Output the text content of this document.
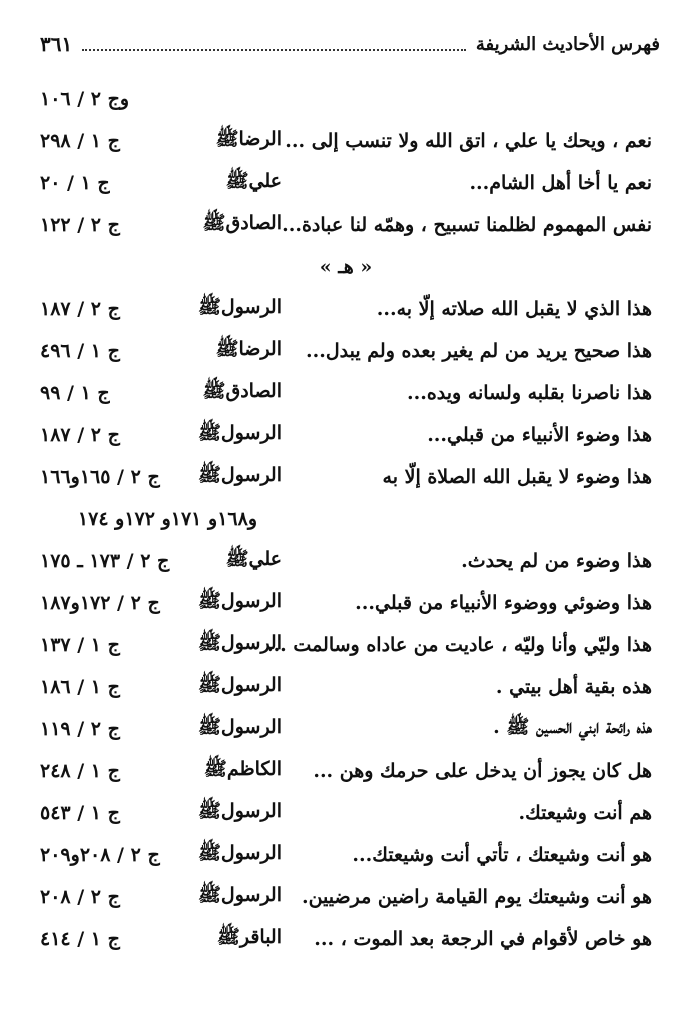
فهرس الأحاديث الشريفة
٣٦١
وج ٢ / ١٠٦
نعم ، ويحك يا علي ، اتق الله ولا تنسب إلى ...
الرضاﷺ
ج ١ / ٢٩٨
نعم يا أخا أهل الشام...
عليﷺ
ج ١ / ٢٠
نفس المهموم لظلمنا تسبيح ، وهمّه لنا عبادة...
الصادقﷺ
ج ٢ / ١٢٢
« هـ »
هذا الذي لا يقبل الله صلاته إلّا به...
الرسولﷺ
ج ٢ / ١٨٧
هذا صحيح يريد من لم يغير بعده ولم يبدل...
الرضاﷺ
ج ١ / ٤٩٦
هذا ناصرنا بقلبه ولسانه ويده...
الصادقﷺ
ج ١ / ٩٩
هذا وضوء الأنبياء من قبلي...
الرسولﷺ
ج ٢ / ١٨٧
هذا وضوء لا يقبل الله الصلاة إلّا به
الرسولﷺ
ج ٢ / ١٦٥و١٦٦
و١٦٨و ١٧١و ١٧٢و ١٧٤
هذا وضوء من لم يحدث.
عليﷺ
ج ٢ / ١٧٣ ـ ١٧٥
هذا وضوئي ووضوء الأنبياء من قبلي...
الرسولﷺ
ج ٢ / ١٧٢و١٨٧
هذا وليّي وأنا وليّه ، عاديت من عاداه وسالمت ...
الرسولﷺ
ج ١ / ١٣٧
هذه بقية أهل بيتي .
الرسولﷺ
ج ١ / ١٨٦
هذه رائحة ابني الحسين ﷺ .
الرسولﷺ
ج ٢ / ١١٩
هل كان يجوز أن يدخل على حرمك وهن ...
الكاظمﷺ
ج ١ / ٢٤٨
هم أنت وشيعتك.
الرسولﷺ
ج ١ / ٥٤٣
هو أنت وشيعتك ، تأتي أنت وشيعتك...
الرسولﷺ
ج ٢ / ٢٠٨و٢٠٩
هو أنت وشيعتك يوم القيامة راضين مرضيين.
الرسولﷺ
ج ٢ / ٢٠٨
هو خاص لأقوام في الرجعة بعد الموت ، ...
الباقرﷺ
ج ١ / ٤١٤
